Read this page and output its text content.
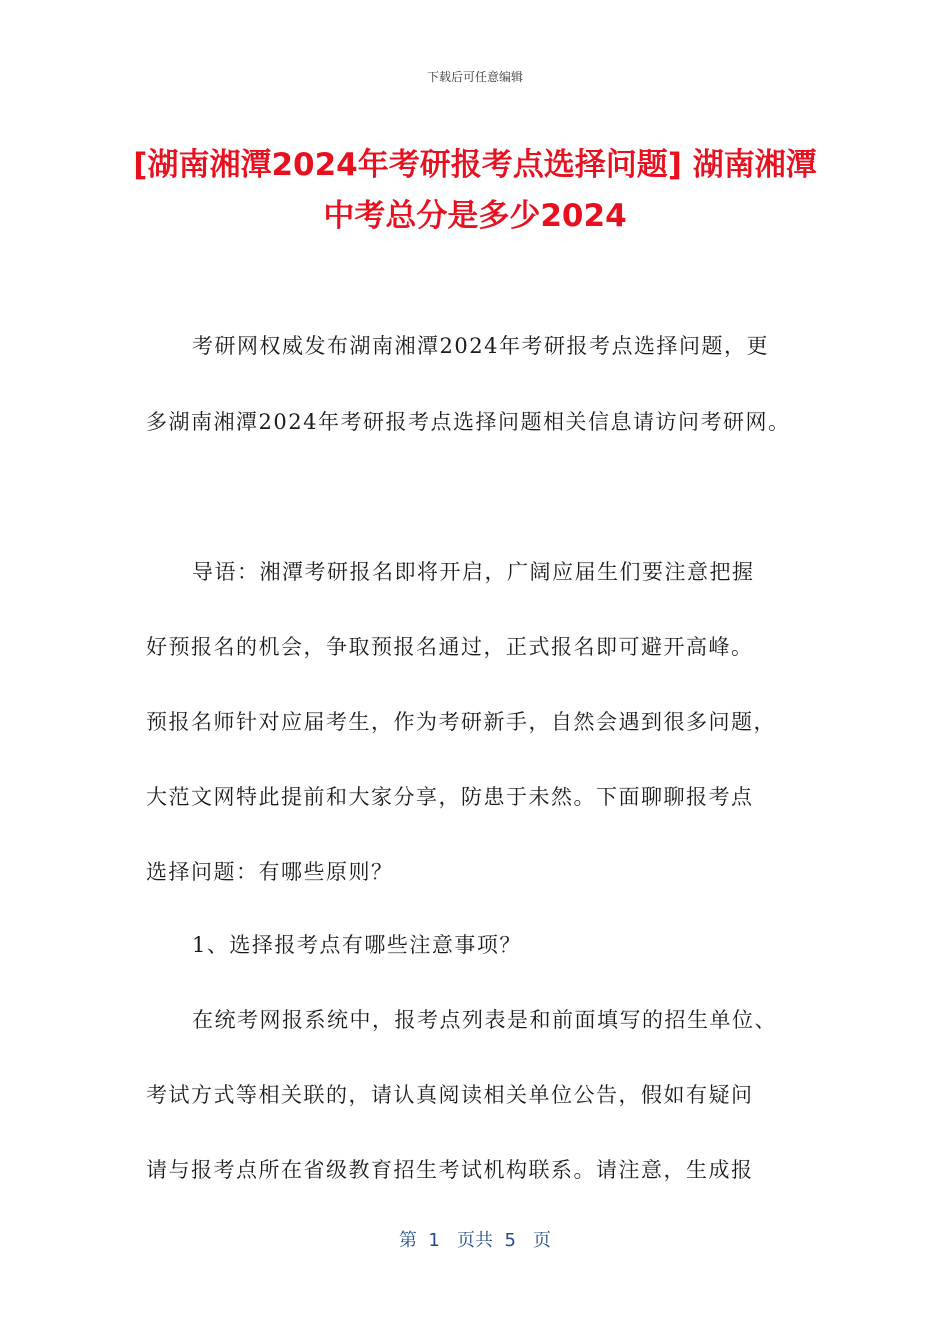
下载后可任意编辑
[湖南湘潭2024年考研报考点选择问题] 湖南湘潭中考总分是多少2024

考研网权威发布湖南湘潭2024年考研报考点选择问题，更

多湖南湘潭2024年考研报考点选择问题相关信息请访问考研网。

导语：湘潭考研报名即将开启，广阔应届生们要注意把握

好预报名的机会，争取预报名通过，正式报名即可避开高峰。

预报名师针对应届考生，作为考研新手，自然会遇到很多问题，

大范文网特此提前和大家分享，防患于未然。下面聊聊报考点

选择问题：有哪些原则？

1、选择报考点有哪些注意事项？

在统考网报系统中，报考点列表是和前面填写的招生单位、

考试方式等相关联的，请认真阅读相关单位公告，假如有疑问

请与报考点所在省级教育招生考试机构联系。请注意，生成报

第  1   页共  5   页
